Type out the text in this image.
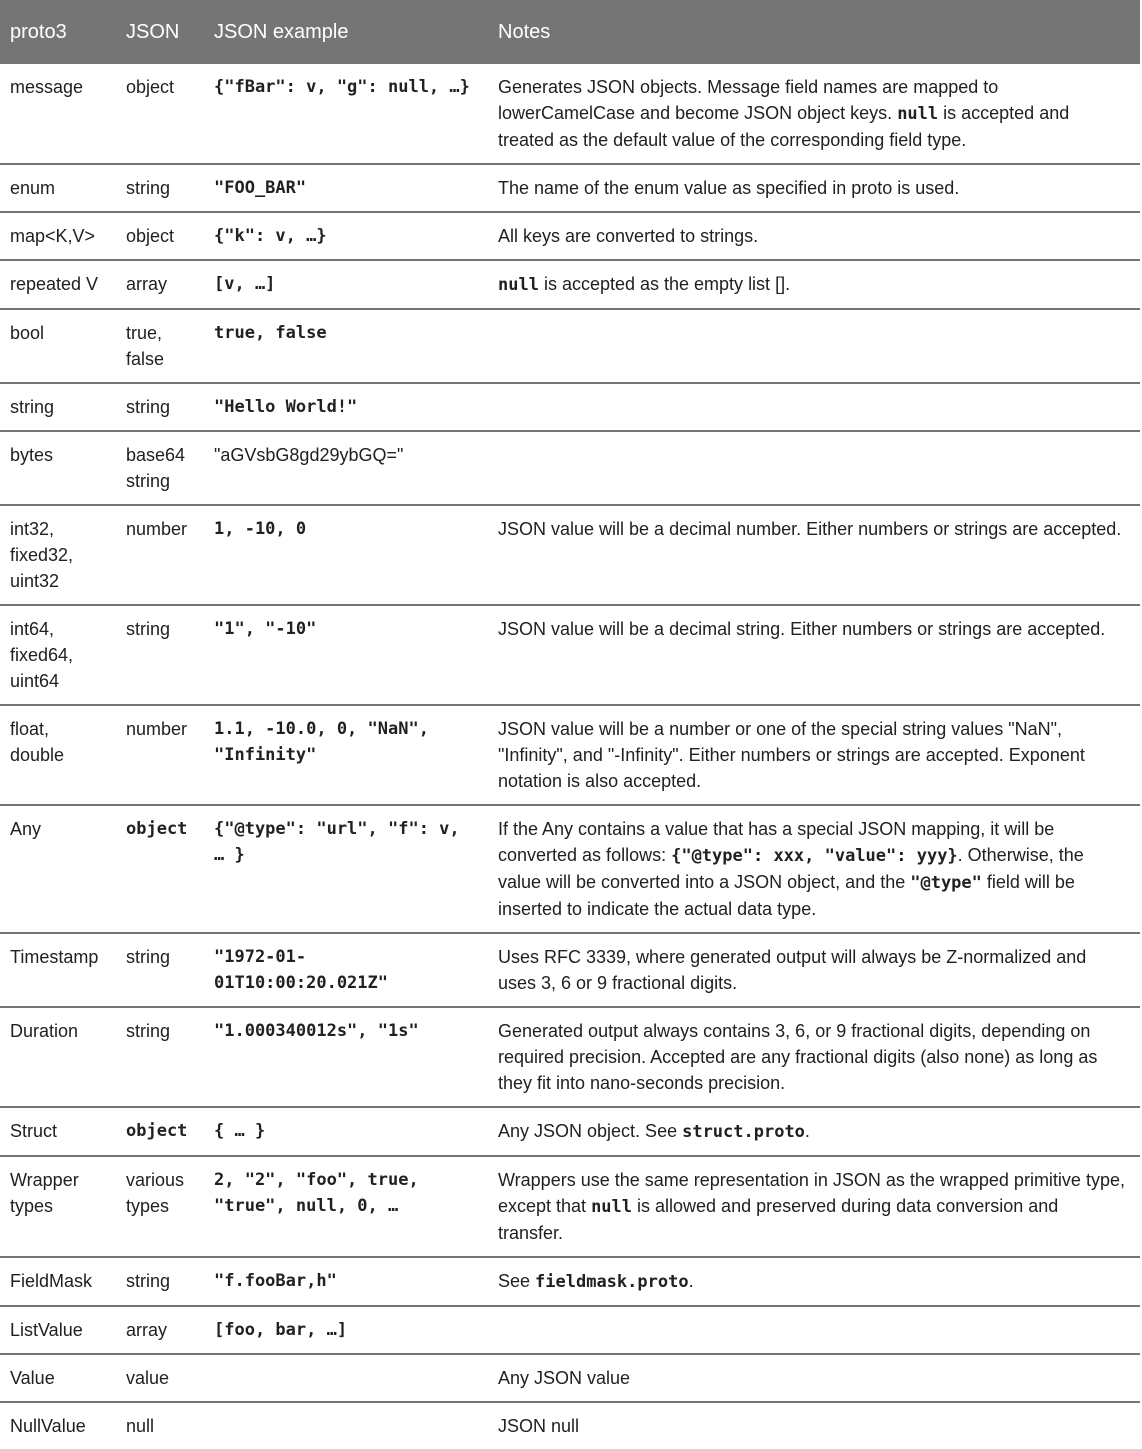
proto3	JSON	JSON example	Notes
message	object	{"fBar": v, "g": null, …}	Generates JSON objects. Message field names are mapped to lowerCamelCase and become JSON object keys. null is accepted and treated as the default value of the corresponding field type.
enum	string	"FOO_BAR"	The name of the enum value as specified in proto is used.
map<K,V>	object	{"k": v, …}	All keys are converted to strings.
repeated V	array	[v, …]	null is accepted as the empty list [].
bool	true, false	true, false	
string	string	"Hello World!"	
bytes	base64 string	"aGVsbG8gd29ybGQ="	
int32, fixed32, uint32	number	1, -10, 0	JSON value will be a decimal number. Either numbers or strings are accepted.
int64, fixed64, uint64	string	"1", "-10"	JSON value will be a decimal string. Either numbers or strings are accepted.
float, double	number	1.1, -10.0, 0, "NaN", "Infinity"	JSON value will be a number or one of the special string values "NaN", "Infinity", and "-Infinity". Either numbers or strings are accepted. Exponent notation is also accepted.
Any	object	{"@type": "url", "f": v, … }	If the Any contains a value that has a special JSON mapping, it will be converted as follows: {"@type": xxx, "value": yyy}. Otherwise, the value will be converted into a JSON object, and the "@type" field will be inserted to indicate the actual data type.
Timestamp	string	"1972-01-01T10:00:20.021Z"	Uses RFC 3339, where generated output will always be Z-normalized and uses 3, 6 or 9 fractional digits.
Duration	string	"1.000340012s", "1s"	Generated output always contains 3, 6, or 9 fractional digits, depending on required precision. Accepted are any fractional digits (also none) as long as they fit into nano-seconds precision.
Struct	object	{ … }	Any JSON object. See struct.proto.
Wrapper types	various types	2, "2", "foo", true, "true", null, 0, …	Wrappers use the same representation in JSON as the wrapped primitive type, except that null is allowed and preserved during data conversion and transfer.
FieldMask	string	"f.fooBar,h"	See fieldmask.proto.
ListValue	array	[foo, bar, …]	
Value	value		Any JSON value
NullValue	null		JSON null
